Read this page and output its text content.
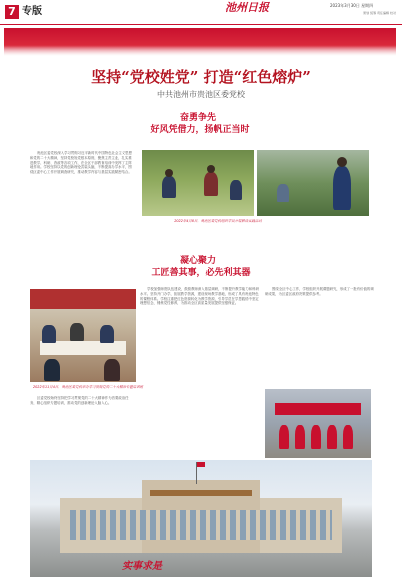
7 专版	池州日报	2023年3月30日 星期四
策划 统筹 责任编辑 校对
坚持“党校姓党” 打造“红色熔炉”
中共池州市贵池区委党校
奋勇争先
好风凭借力，扬帆正当时
贵池区委党校深入学习贯彻习近平新时代中国特色社会主义思想和党的二十大精神，坚持党校姓党根本原则，聚焦主责主业，扎实推进教学、科研、咨政等各项工作，在全区干部教育培训中发挥了主阵地作用。学校坚持以党的创新理论武装头脑，不断提高办学水平，围绕区委中心工作开展调查研究，推动教学内容与基层实践紧密结合。
2022年4月8日，贵池区委党校组织学员开展耕读实践活动
凝心聚力
工匠善其事，必先利其器
2022年11月4日，贵池区委党校举办学习贯彻党的二十大精神专题培训班
区委党校始终坚持把学习贯彻党的二十大精神作为首要政治任务，精心组织专题培训，推动党的创新理论入脑入心。
学校加强师资队伍建设，鼓励教师深入基层调研，不断提升教学能力和科研水平。坚持开门办学，拓展教学资源，建设现场教学基地，形成了具有贵池特色的课程体系。学校注重把红色资源转化为教学资源，引导学员在学思践悟中坚定理想信念、锤炼党性修养，为推动全区高质量发展提供坚强保证。
围绕全区中心工作，学校组织开展课题研究，形成了一批有价值的调研成果，为区委区政府决策提供参考。
实事求是
